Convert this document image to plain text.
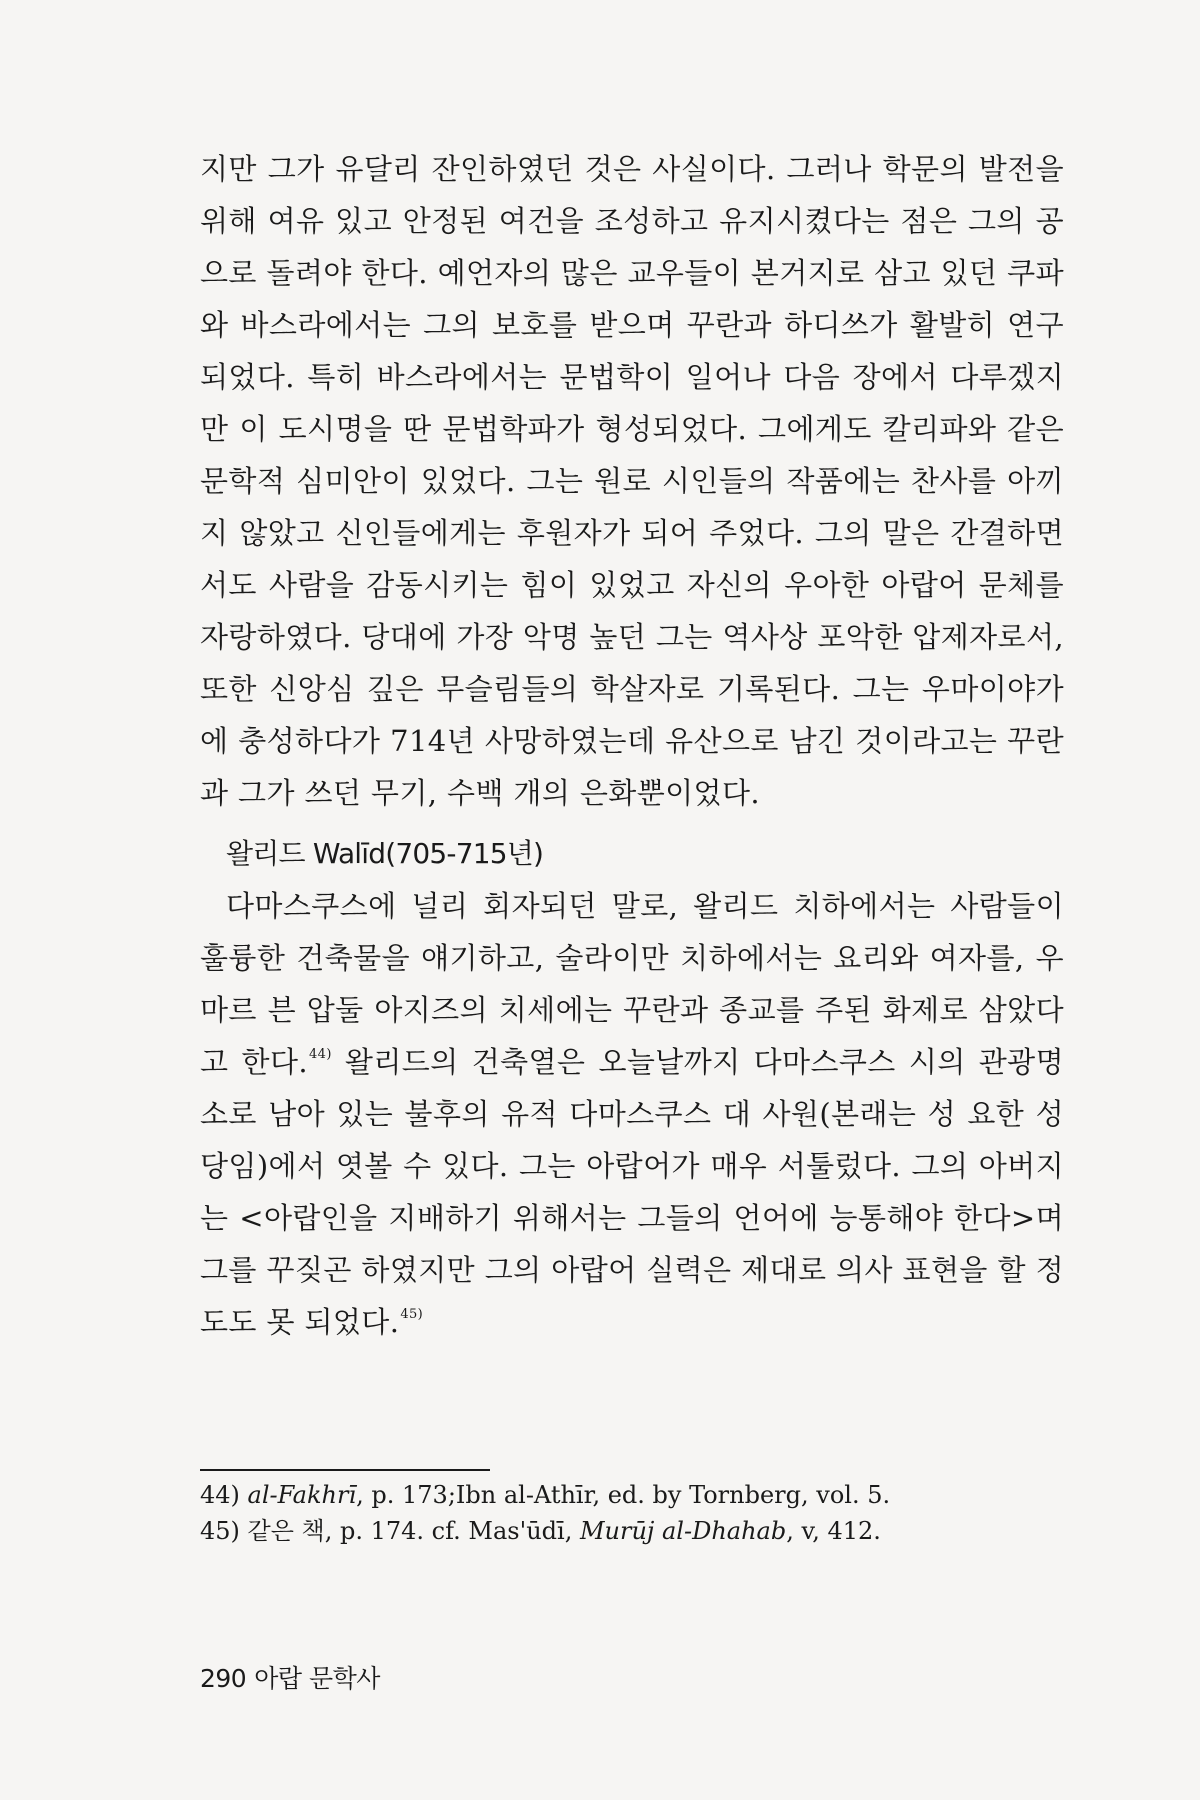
지만 그가 유달리 잔인하였던 것은 사실이다. 그러나 학문의 발전을 위해 여유 있고 안정된 여건을 조성하고 유지시켰다는 점은 그의 공으로 돌려야 한다. 예언자의 많은 교우들이 본거지로 삼고 있던 쿠파와 바스라에서는 그의 보호를 받으며 꾸란과 하디쓰가 활발히 연구되었다. 특히 바스라에서는 문법학이 일어나 다음 장에서 다루겠지만 이 도시명을 딴 문법학파가 형성되었다. 그에게도 칼리파와 같은 문학적 심미안이 있었다. 그는 원로 시인들의 작품에는 찬사를 아끼지 않았고 신인들에게는 후원자가 되어 주었다. 그의 말은 간결하면서도 사람을 감동시키는 힘이 있었고 자신의 우아한 아랍어 문체를 자랑하였다. 당대에 가장 악명 높던 그는 역사상 포악한 압제자로서, 또한 신앙심 깊은 무슬림들의 학살자로 기록된다. 그는 우마이야가에 충성하다가 714년 사망하였는데 유산으로 남긴 것이라고는 꾸란과 그가 쓰던 무기, 수백 개의 은화뿐이었다.

왈리드 Walīd(705-715년)

다마스쿠스에 널리 회자되던 말로, 왈리드 치하에서는 사람들이 훌륭한 건축물을 얘기하고, 술라이만 치하에서는 요리와 여자를, 우마르 븐 압둘 아지즈의 치세에는 꾸란과 종교를 주된 화제로 삼았다고 한다.$^{44)}$ 왈리드의 건축열은 오늘날까지 다마스쿠스 시의 관광명소로 남아 있는 불후의 유적 다마스쿠스 대 사원(본래는 성 요한 성당임)에서 엿볼 수 있다. 그는 아랍어가 매우 서툴렀다. 그의 아버지는 <아랍인을 지배하기 위해서는 그들의 언어에 능통해야 한다>며 그를 꾸짖곤 하였지만 그의 아랍어 실력은 제대로 의사 표현을 할 정도도 못 되었다.$^{45)}$

44) al-Fakhrī, p. 173;Ibn al-Athīr, ed. by Tornberg, vol. 5.

45) 같은 책, p. 174. cf. Mas'ūdī, Murūj al-Dhahab, v, 412.

290 아랍 문학사
